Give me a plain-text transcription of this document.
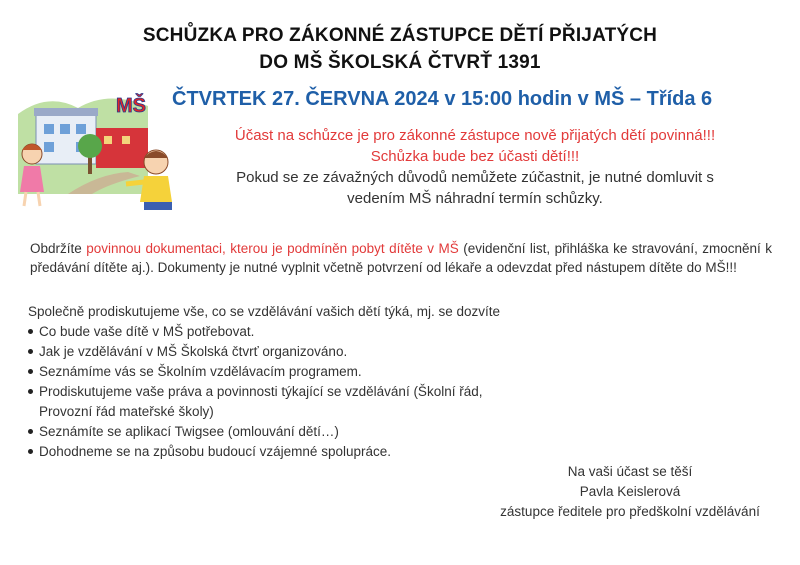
SCHŮZKA PRO ZÁKONNÉ ZÁSTUPCE DĚTÍ PŘIJATÝCH
DO MŠ ŠKOLSKÁ ČTVRŤ 1391
MŠ ČTVRTEK 27. ČERVNA 2024 v 15:00 hodin v MŠ – Třída 6
Účast na schůzce je pro zákonné zástupce nově přijatých dětí povinná!!!
Schůzka bude bez účasti dětí!!!
Pokud se ze závažných důvodů nemůžete zúčastnit, je nutné domluvit s
vedením MŠ náhradní termín schůzky.
Obdržíte povinnou dokumentaci, kterou je podmíněn pobyt dítěte v MŠ (evidenční list, přihláška ke stravování, zmocnění k předávání dítěte aj.). Dokumenty je nutné vyplnit včetně potvrzení od lékaře a odevzdat před nástupem dítěte do MŠ!!!
Společně prodiskutujeme vše, co se vzdělávání vašich dětí týká, mj. se dozvíte
Co bude vaše dítě v MŠ potřebovat.
Jak je vzdělávání v MŠ Školská čtvrť organizováno.
Seznámíme vás se Školním vzdělávacím programem.
Prodiskutujeme vaše práva a povinnosti týkající se vzdělávání (Školní řád,
Provozní řád mateřské školy)
Seznámíte se aplikací Twigsee (omlouvání dětí…)
Dohodneme se na způsobu budoucí vzájemné spolupráce.
Na vaši účast se těší
Pavla Keislerová
zástupce ředitele pro předškolní vzdělávání
